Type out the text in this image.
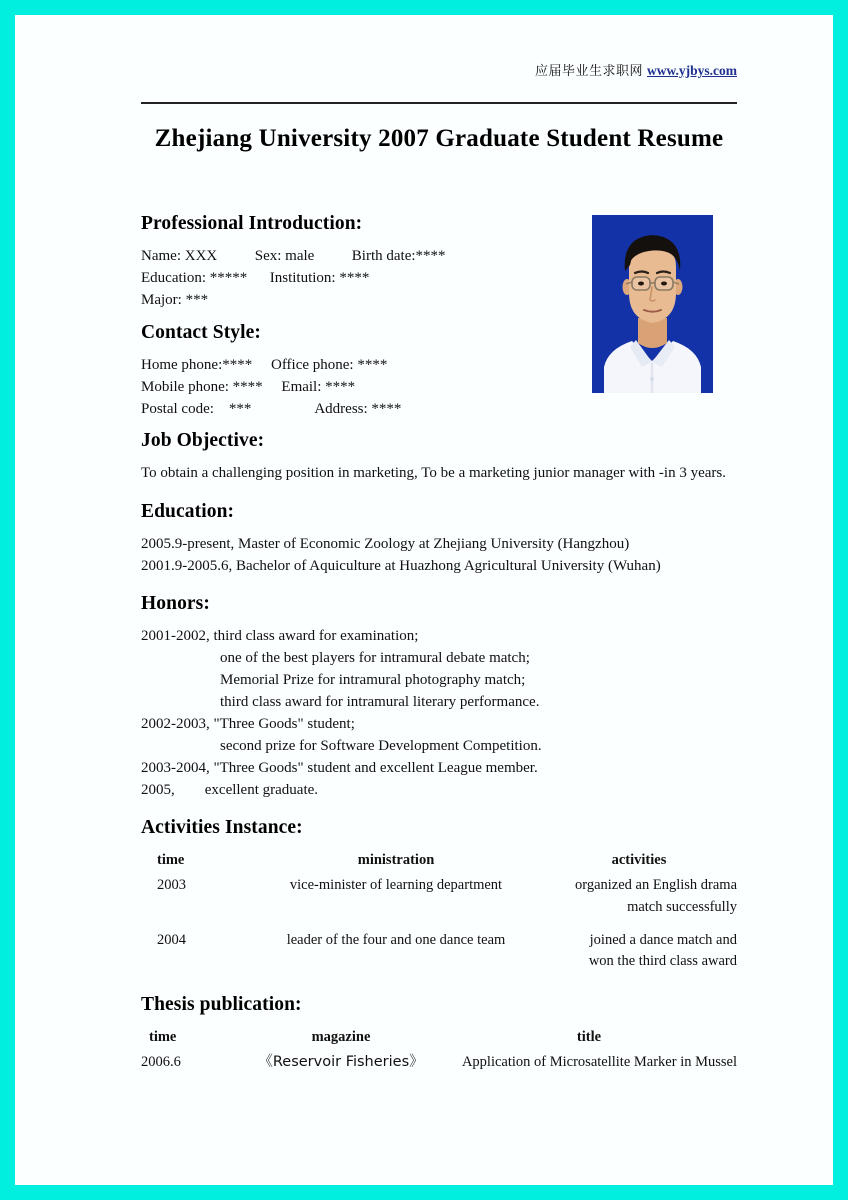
应届毕业生求职网 www.yjbys.com
Zhejiang University 2007 Graduate Student Resume
Professional Introduction:
Name: XXX          Sex: male          Birth date:****
Education: *****      Institution: ****
Major: ***
Contact Style:
Home phone:****     Office phone: ****
Mobile phone: ****     Email: ****
Postal code:    ***                 Address: ****
Job Objective:
To obtain a challenging position in marketing, To be a marketing junior manager with -in 3 years.
Education:
2005.9-present, Master of Economic Zoology at Zhejiang University (Hangzhou)
2001.9-2005.6, Bachelor of Aquiculture at Huazhong Agricultural University (Wuhan)
Honors:
2001-2002, third class award for examination;
one of the best players for intramural debate match;
Memorial Prize for intramural photography match;
third class award for intramural literary performance.
2002-2003, "Three Goods" student;
second prize for Software Development Competition.
2003-2004, "Three Goods" student and excellent League member.
2005,        excellent graduate.
Activities Instance:
time	ministration	activities
2003	vice-minister of learning department	organized an English drama
match successfully

2004	leader of the four and one dance team	joined a dance match and
won the third class award
Thesis publication:
time	magazine	title
2006.6	《Reservoir Fisheries》	Application of Microsatellite Marker in Mussel
